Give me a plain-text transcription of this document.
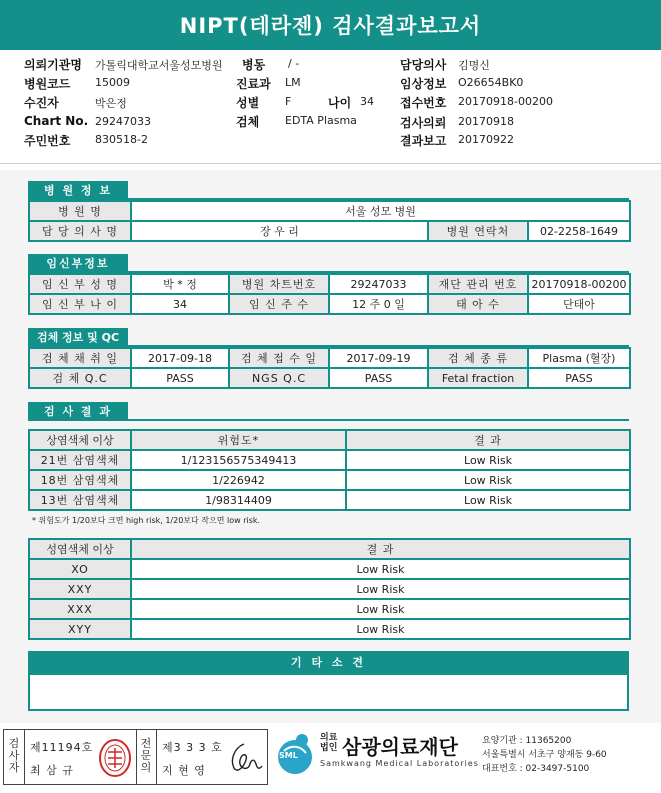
NIPT(테라젠) 검사결과보고서
의뢰기관명 가톨릭대학교서울성모병원 병동 / -	담당의사 김명신
병원코드 15009	진료과 LM	임상정보 O26654BK0
수진자	박은정	성별 F	나이 34 접수번호 20170918-00200
Chart No. 29247033	검체 EDTA Plasma	검사의뢰 20170918
주민번호 830518-2	결과보고 20170922
병 원 정 보
병 원 명	서울 성모 병원		
담 당 의 사 명	장 우 리	병원 연락처	02-2258-1649
임신부정보
임 신 부 성 명	박 * 정	병원 차트번호	29247033	재단 관리 번호	20170918-00200
임 신 부 나 이	34	임 신 주 수	12 주 0 일	태 아 수	단태아
검체 정보 및 QC
검 체 채 취 일	2017-09-18	검 체 접 수 일	2017-09-19	검 체 종 류	Plasma (혈장)
검 체 Q.C	PASS	NGS Q.C	PASS	Fetal fraction	PASS
검 사 결 과
상염색체 이상	위험도*	결 과
21번 삼염색체	1/123156575349413	Low Risk
18번 삼염색체	1/226942	Low Risk
13번 삼염색체	1/98314409	Low Risk
* 위험도가 1/20보다 크면 high risk, 1/20보다 작으면 low risk.
성염색체 이상	결 과
XO	Low Risk
XXY	Low Risk
XXX	Low Risk
XYY	Low Risk
기 타 소 견
검사자
제11194호
최 삼 규
전문의
제3 3 3 호
지 현 영
SML
의료법인 삼광의료재단
Samkwang Medical Laboratories
요양기관 : 11365200
서울특별시 서초구 양재동 9-60
대표번호 : 02-3497-5100
